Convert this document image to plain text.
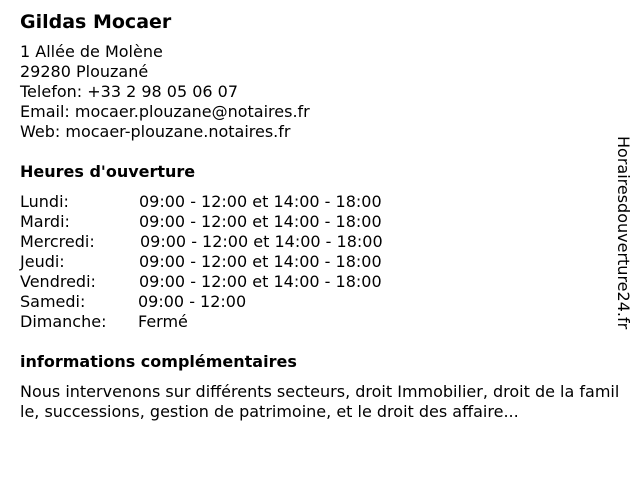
Gildas Mocaer
1 Allée de Molène
29280 Plouzané
Telefon: +33 2 98 05 06 07
Email: mocaer.plouzane@notaires.fr
Web: mocaer-plouzane.notaires.fr
Heures d'ouverture
Lundi:	09:00 - 12:00 et 14:00 - 18:00
Mardi:	09:00 - 12:00 et 14:00 - 18:00
Mercredi:	09:00 - 12:00 et 14:00 - 18:00
Jeudi:	09:00 - 12:00 et 14:00 - 18:00
Vendredi:	09:00 - 12:00 et 14:00 - 18:00
Samedi:	09:00 - 12:00
Dimanche: Fermé
informations complémentaires
Nous intervenons sur différents secteurs, droit Immobilier, droit de la famille, successions, gestion de patrimoine, et le droit des affaire...
Horairesdouverture24.fr
